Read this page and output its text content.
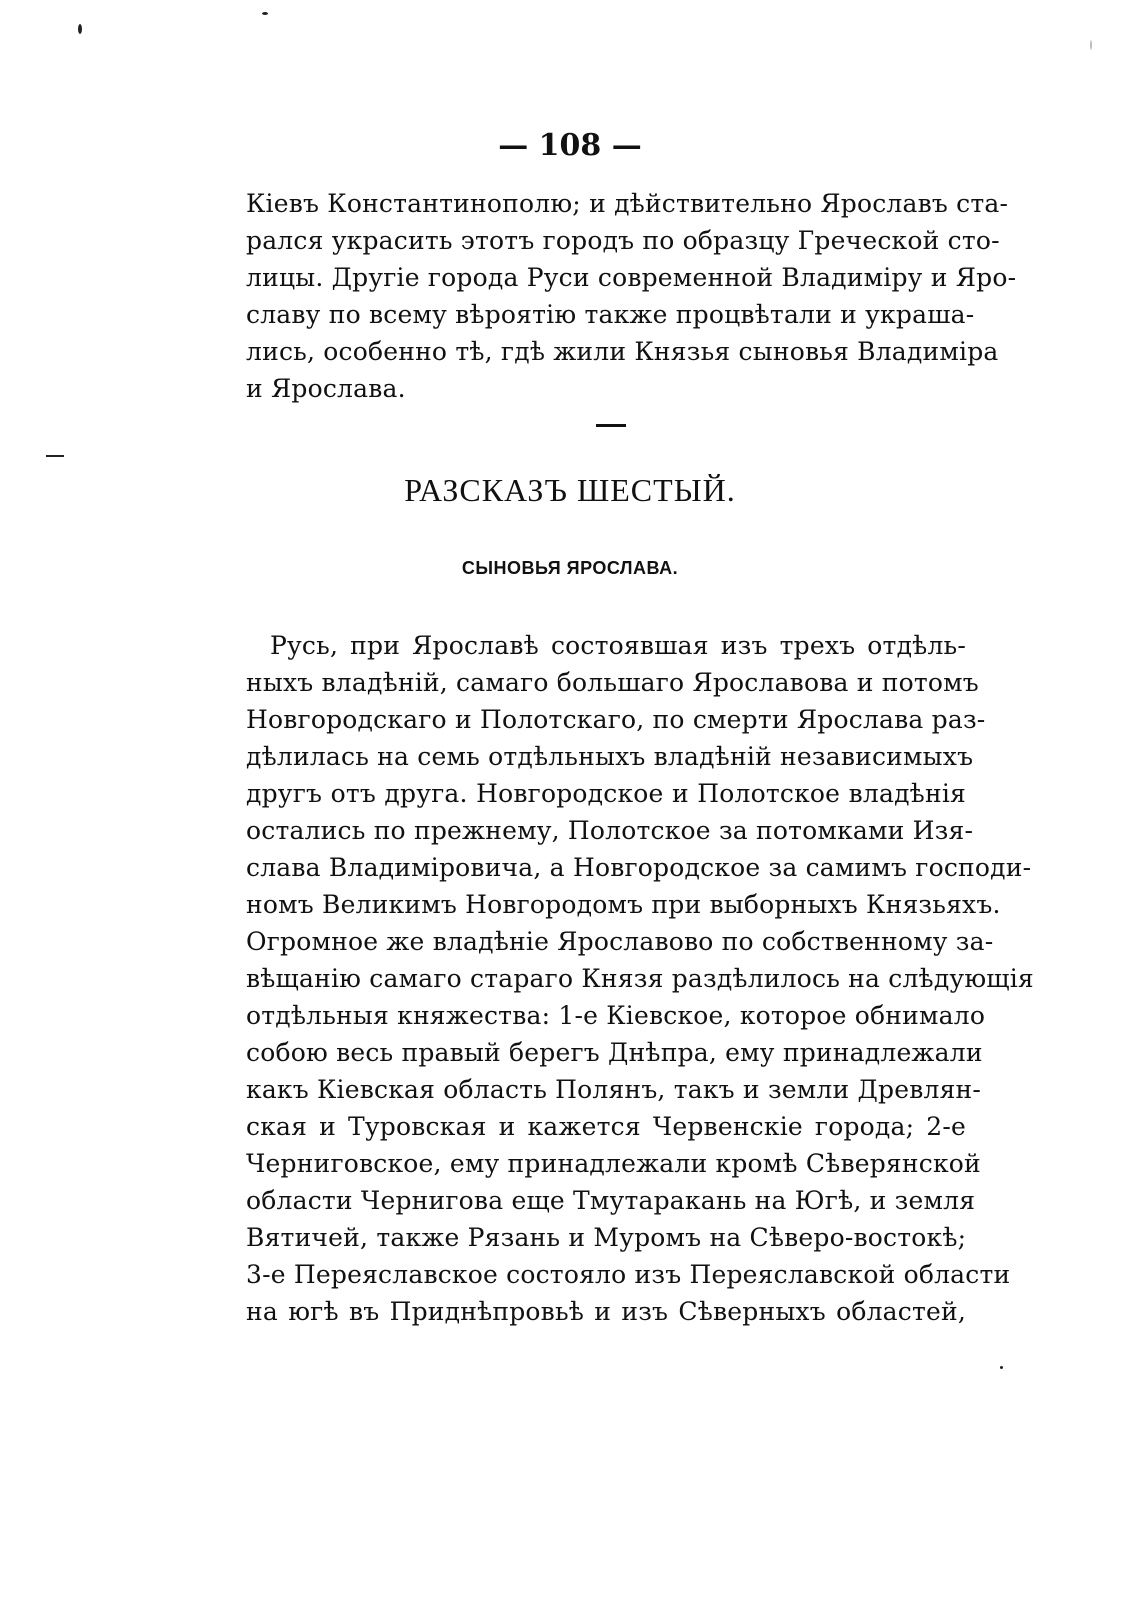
— 108 —
Кіевъ Константинополю; и дѣйствительно Ярославъ ста-
рался украсить этотъ городъ по образцу Греческой сто-
лицы. Другіе города Руси современной Владиміру и Яро-
славу по всему вѣроятію также процвѣтали и украша-
лись, особенно тѣ, гдѣ жили Князья сыновья Владиміра
и Ярослава.
РАЗСКАЗЪ ШЕСТЫЙ.
СЫНОВЬЯ ЯРОСЛАВА.
Русь, при Ярославѣ состоявшая изъ трехъ отдѣль-
ныхъ владѣній, самаго большаго Ярославова и потомъ
Новгородскаго и Полотскаго, по смерти Ярослава раз-
дѣлилась на семь отдѣльныхъ владѣній независимыхъ
другъ отъ друга. Новгородское и Полотское владѣнія
остались по прежнему, Полотское за потомками Изя-
слава Владиміровича, а Новгородское за самимъ господи-
номъ Великимъ Новгородомъ при выборныхъ Князьяхъ.
Огромное же владѣніе Ярославово по собственному за-
вѣщанію самаго стараго Князя раздѣлилось на слѣдующія
отдѣльныя княжества: 1-е Кіевское, которое обнимало
собою весь правый берегъ Днѣпра, ему принадлежали
какъ Кіевская область Полянъ, такъ и земли Древлян-
ская и Туровская и кажется Червенскіе города; 2-е
Черниговское, ему принадлежали кромѣ Сѣверянской
области Чернигова еще Тмутаракань на Югѣ, и земля
Вятичей, также Рязань и Муромъ на Сѣверо-востокѣ;
3-е Переяславское состояло изъ Переяславской области
на югѣ въ Приднѣпровьѣ и изъ Сѣверныхъ областей,
